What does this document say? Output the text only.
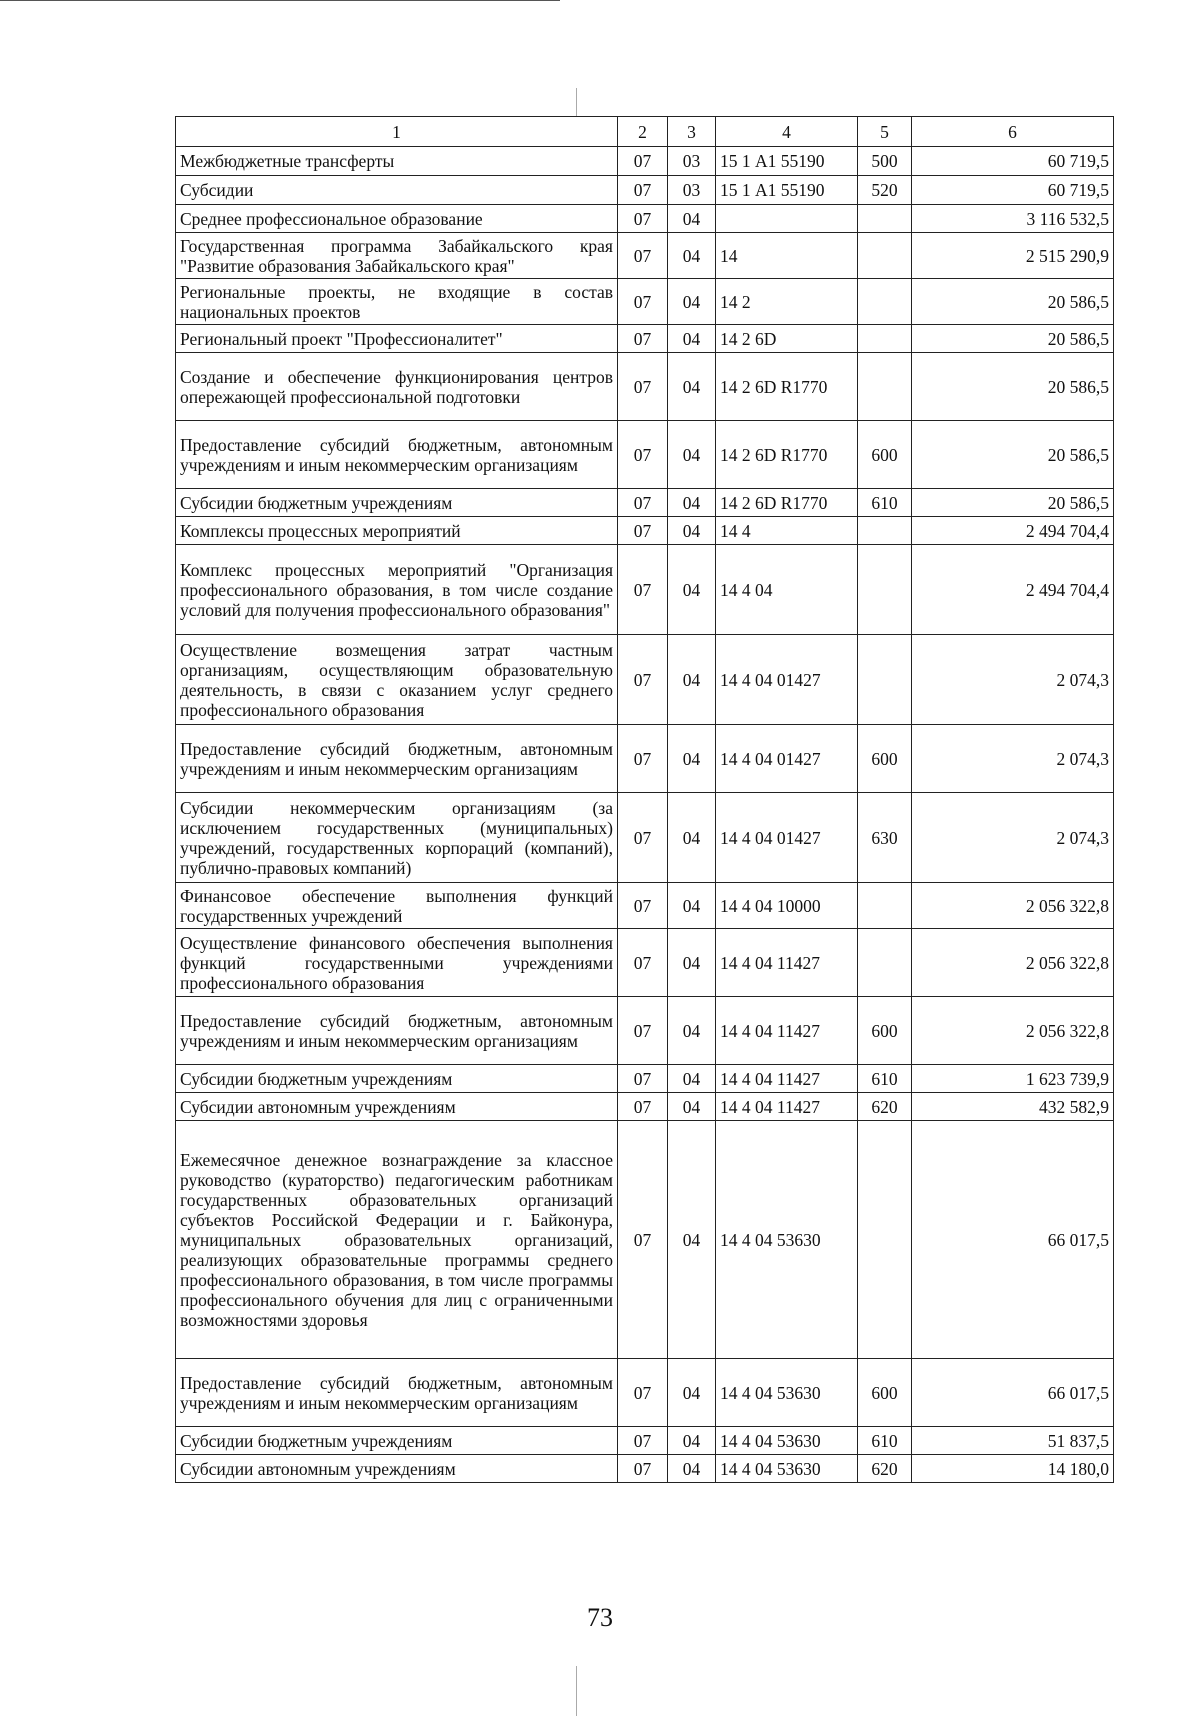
1	2	3	4	5	6
Межбюджетные трансферты	07	03	15 1 А1 55190	500	60 719,5
Субсидии	07	03	15 1 А1 55190	520	60 719,5
Среднее профессиональное образование	07	04			3 116 532,5
Государственная программа Забайкальского края "Развитие образования Забайкальского края"	07	04	14		2 515 290,9
Региональные проекты, не входящие в состав национальных проектов	07	04	14 2		20 586,5
Региональный проект "Профессионалитет"	07	04	14 2 6D		20 586,5
Создание и обеспечение функционирования центров опережающей профессиональной подготовки	07	04	14 2 6D R1770		20 586,5
Предоставление субсидий бюджетным, автономным учреждениям и иным некоммерческим организациям	07	04	14 2 6D R1770	600	20 586,5
Субсидии бюджетным учреждениям	07	04	14 2 6D R1770	610	20 586,5
Комплексы процессных мероприятий	07	04	14 4		2 494 704,4
Комплекс процессных мероприятий "Организация профессионального образования, в том числе создание условий для получения профессионального образования"	07	04	14 4 04		2 494 704,4
Осуществление возмещения затрат частным организациям, осуществляющим образовательную деятельность, в связи с оказанием услуг среднего профессионального образования	07	04	14 4 04 01427		2 074,3
Предоставление субсидий бюджетным, автономным учреждениям и иным некоммерческим организациям	07	04	14 4 04 01427	600	2 074,3
Субсидии некоммерческим организациям (за исключением государственных (муниципальных) учреждений, государственных корпораций (компаний), публично-правовых компаний)	07	04	14 4 04 01427	630	2 074,3
Финансовое обеспечение выполнения функций государственных учреждений	07	04	14 4 04 10000		2 056 322,8
Осуществление финансового обеспечения выполнения функций государственными учреждениями профессионального образования	07	04	14 4 04 11427		2 056 322,8
Предоставление субсидий бюджетным, автономным учреждениям и иным некоммерческим организациям	07	04	14 4 04 11427	600	2 056 322,8
Субсидии бюджетным учреждениям	07	04	14 4 04 11427	610	1 623 739,9
Субсидии автономным учреждениям	07	04	14 4 04 11427	620	432 582,9
Ежемесячное денежное вознаграждение за классное руководство (кураторство) педагогическим работникам государственных образовательных организаций субъектов Российской Федерации и г. Байконура, муниципальных образовательных организаций, реализующих образовательные программы среднего профессионального образования, в том числе программы профессионального обучения для лиц с ограниченными возможностями здоровья	07	04	14 4 04 53630		66 017,5
Предоставление субсидий бюджетным, автономным учреждениям и иным некоммерческим организациям	07	04	14 4 04 53630	600	66 017,5
Субсидии бюджетным учреждениям	07	04	14 4 04 53630	610	51 837,5
Субсидии автономным учреждениям	07	04	14 4 04 53630	620	14 180,0
73
